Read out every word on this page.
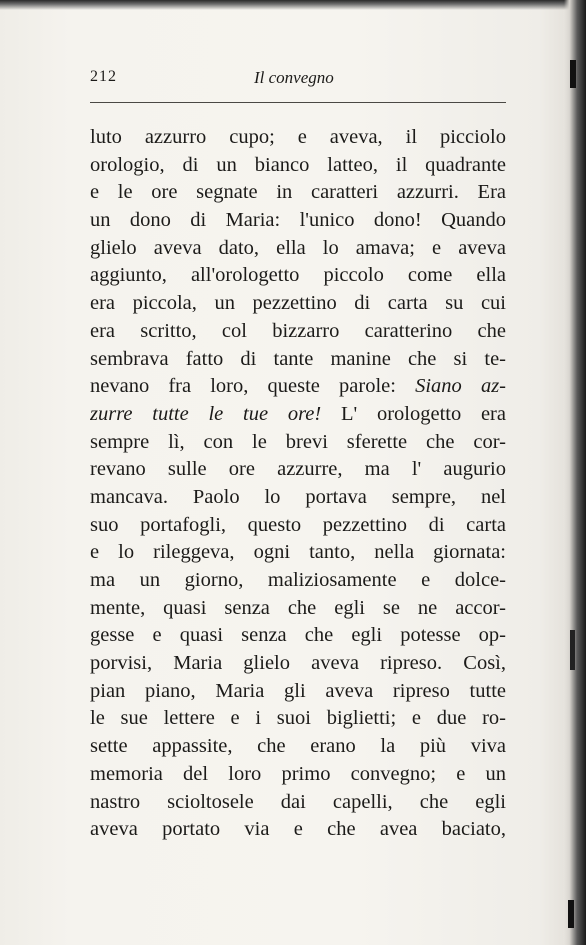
212	Il convegno
luto azzurro cupo; e aveva, il picciolo
orologio, di un bianco latteo, il quadrante
e le ore segnate in caratteri azzurri. Era
un dono di Maria: l'unico dono! Quando
glielo aveva dato, ella lo amava; e aveva
aggiunto, all'orologetto piccolo come ella
era piccola, un pezzettino di carta su cui
era scritto, col bizzarro caratterino che
sembrava fatto di tante manine che si te-
nevano fra loro, queste parole: Siano az-
zurre tutte le tue ore! L' orologetto era
sempre lì, con le brevi sferette che cor-
revano sulle ore azzurre, ma l' augurio
mancava. Paolo lo portava sempre, nel
suo portafogli, questo pezzettino di carta
e lo rileggeva, ogni tanto, nella giornata:
ma un giorno, maliziosamente e dolce-
mente, quasi senza che egli se ne accor-
gesse e quasi senza che egli potesse op-
porvisi, Maria glielo aveva ripreso. Così,
pian piano, Maria gli aveva ripreso tutte
le sue lettere e i suoi biglietti; e due ro-
sette appassite, che erano la più viva
memoria del loro primo convegno; e un
nastro scioltosele dai capelli, che egli
aveva portato via e che avea baciato,
